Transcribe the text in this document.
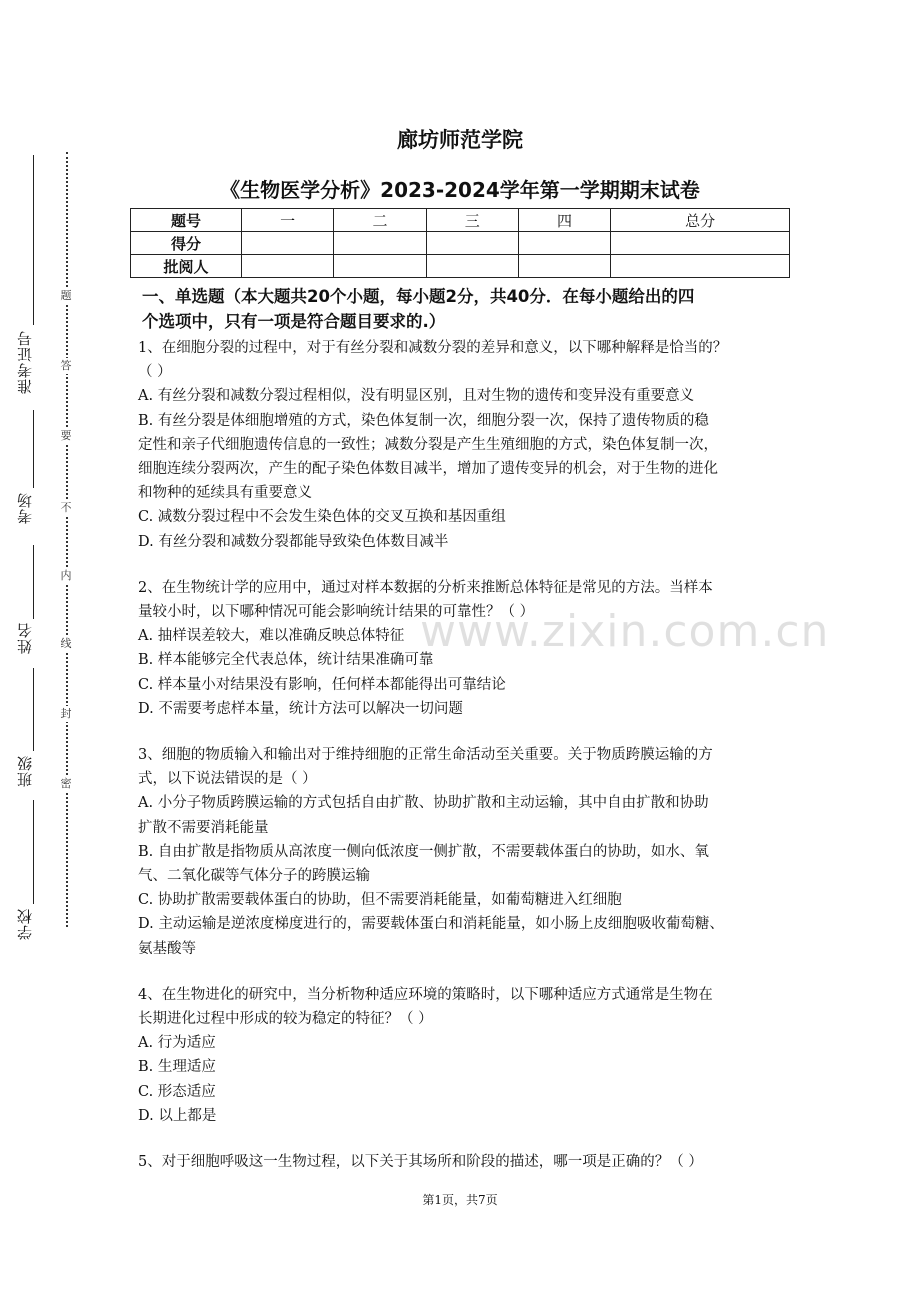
准考证号
考场
姓名
班级
学校
题
答
要
不
内
线
封
密
廊坊师范学院
《生物医学分析》2023-2024学年第一学期期末试卷
题号	一	二	三	四	总分
得分					
批阅人					
一、单选题（本大题共20个小题，每小题2分，共40分．在每小题给出的四
个选项中，只有一项是符合题目要求的.）

1、在细胞分裂的过程中，对于有丝分裂和减数分裂的差异和意义，以下哪种解释是恰当的？

（ ）

A. 有丝分裂和减数分裂过程相似，没有明显区别，且对生物的遗传和变异没有重要意义

B. 有丝分裂是体细胞增殖的方式，染色体复制一次，细胞分裂一次，保持了遗传物质的稳

定性和亲子代细胞遗传信息的一致性；减数分裂是产生生殖细胞的方式，染色体复制一次，

细胞连续分裂两次，产生的配子染色体数目减半，增加了遗传变异的机会，对于生物的进化

和物种的延续具有重要意义

C. 减数分裂过程中不会发生染色体的交叉互换和基因重组

D. 有丝分裂和减数分裂都能导致染色体数目减半

2、在生物统计学的应用中，通过对样本数据的分析来推断总体特征是常见的方法。当样本

量较小时，以下哪种情况可能会影响统计结果的可靠性？（ ）

A. 抽样误差较大，难以准确反映总体特征

B. 样本能够完全代表总体，统计结果准确可靠

C. 样本量小对结果没有影响，任何样本都能得出可靠结论

D. 不需要考虑样本量，统计方法可以解决一切问题

3、细胞的物质输入和输出对于维持细胞的正常生命活动至关重要。关于物质跨膜运输的方

式，以下说法错误的是（ ）

A. 小分子物质跨膜运输的方式包括自由扩散、协助扩散和主动运输，其中自由扩散和协助

扩散不需要消耗能量

B. 自由扩散是指物质从高浓度一侧向低浓度一侧扩散，不需要载体蛋白的协助，如水、氧

气、二氧化碳等气体分子的跨膜运输

C. 协助扩散需要载体蛋白的协助，但不需要消耗能量，如葡萄糖进入红细胞

D. 主动运输是逆浓度梯度进行的，需要载体蛋白和消耗能量，如小肠上皮细胞吸收葡萄糖、

氨基酸等

4、在生物进化的研究中，当分析物种适应环境的策略时，以下哪种适应方式通常是生物在

长期进化过程中形成的较为稳定的特征？（ ）

A. 行为适应

B. 生理适应

C. 形态适应

D. 以上都是

5、对于细胞呼吸这一生物过程，以下关于其场所和阶段的描述，哪一项是正确的？（ ）

www.zixin.com.cn
第1页，共7页
